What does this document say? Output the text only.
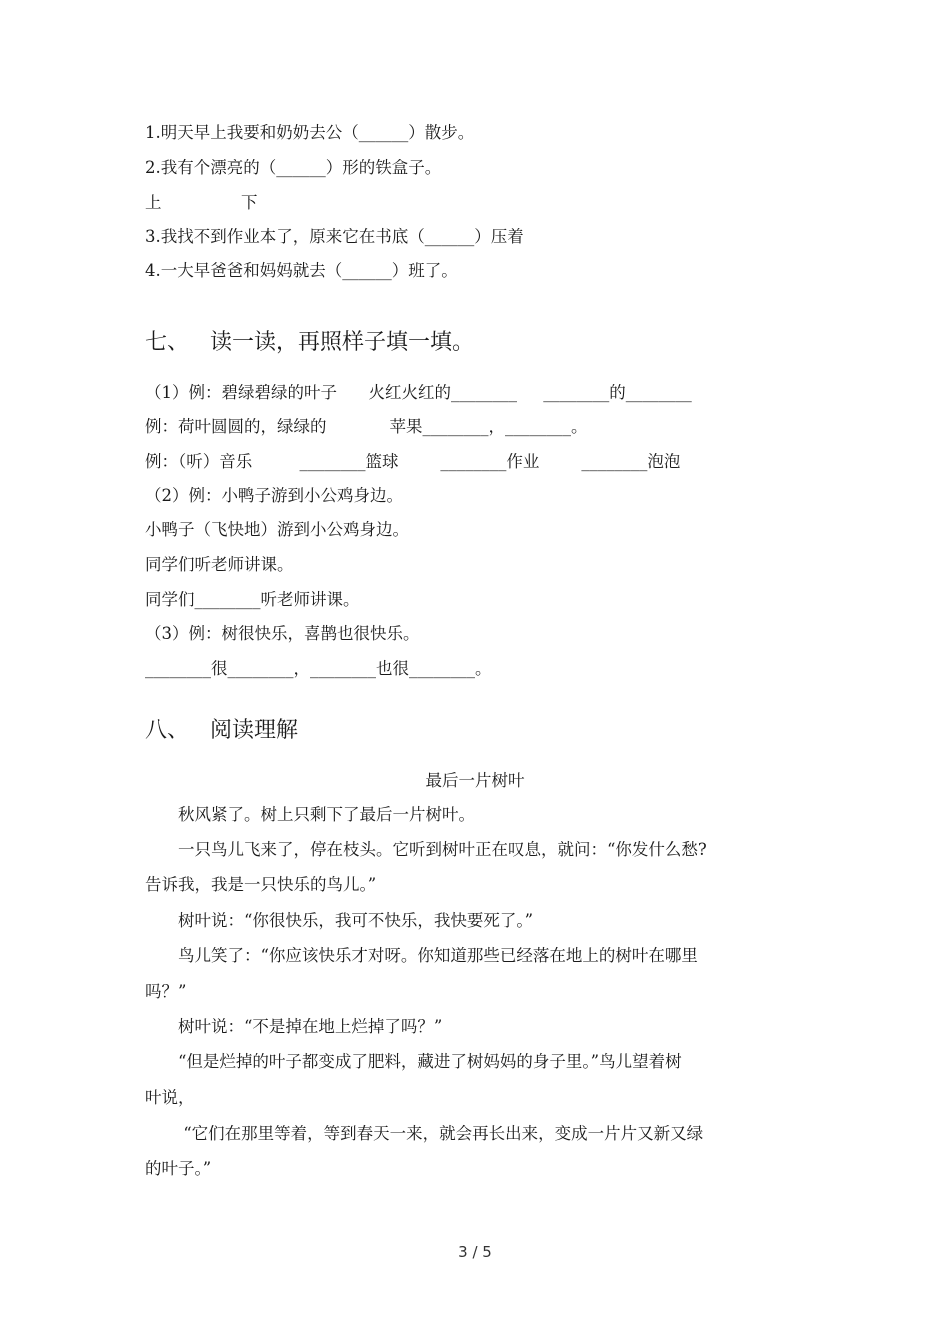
1.明天早上我要和奶奶去公（______）散步。
2.我有个漂亮的（______）形的铁盒子。
上	下
3.我找不到作业本了，原来它在书底（______）压着
4.一大早爸爸和妈妈就去（______）班了。
七、 读一读，再照样子填一填。
（1）例：碧绿碧绿的叶子      火红火红的________     ________的________
例：荷叶圆圆的，绿绿的            苹果________，________。
例：（听）音乐         ________篮球        ________作业        ________泡泡
（2）例：小鸭子游到小公鸡身边。
小鸭子（飞快地）游到小公鸡身边。
同学们听老师讲课。
同学们________听老师讲课。
（3）例：树很快乐，喜鹊也很快乐。
________很________，________也很________。
八、 阅读理解
最后一片树叶
秋风紧了。树上只剩下了最后一片树叶。
一只鸟儿飞来了，停在枝头。它听到树叶正在叹息，就问：“你发什么愁?
告诉我，我是一只快乐的鸟儿。”
树叶说：“你很快乐，我可不快乐，我快要死了。”
鸟儿笑了：“你应该快乐才对呀。你知道那些已经落在地上的树叶在哪里
吗？”
树叶说：“不是掉在地上烂掉了吗？”
“但是烂掉的叶子都变成了肥料，藏进了树妈妈的身子里。”鸟儿望着树
叶说，
“它们在那里等着，等到春天一来，就会再长出来，变成一片片又新又绿
的叶子。”
3 / 5
